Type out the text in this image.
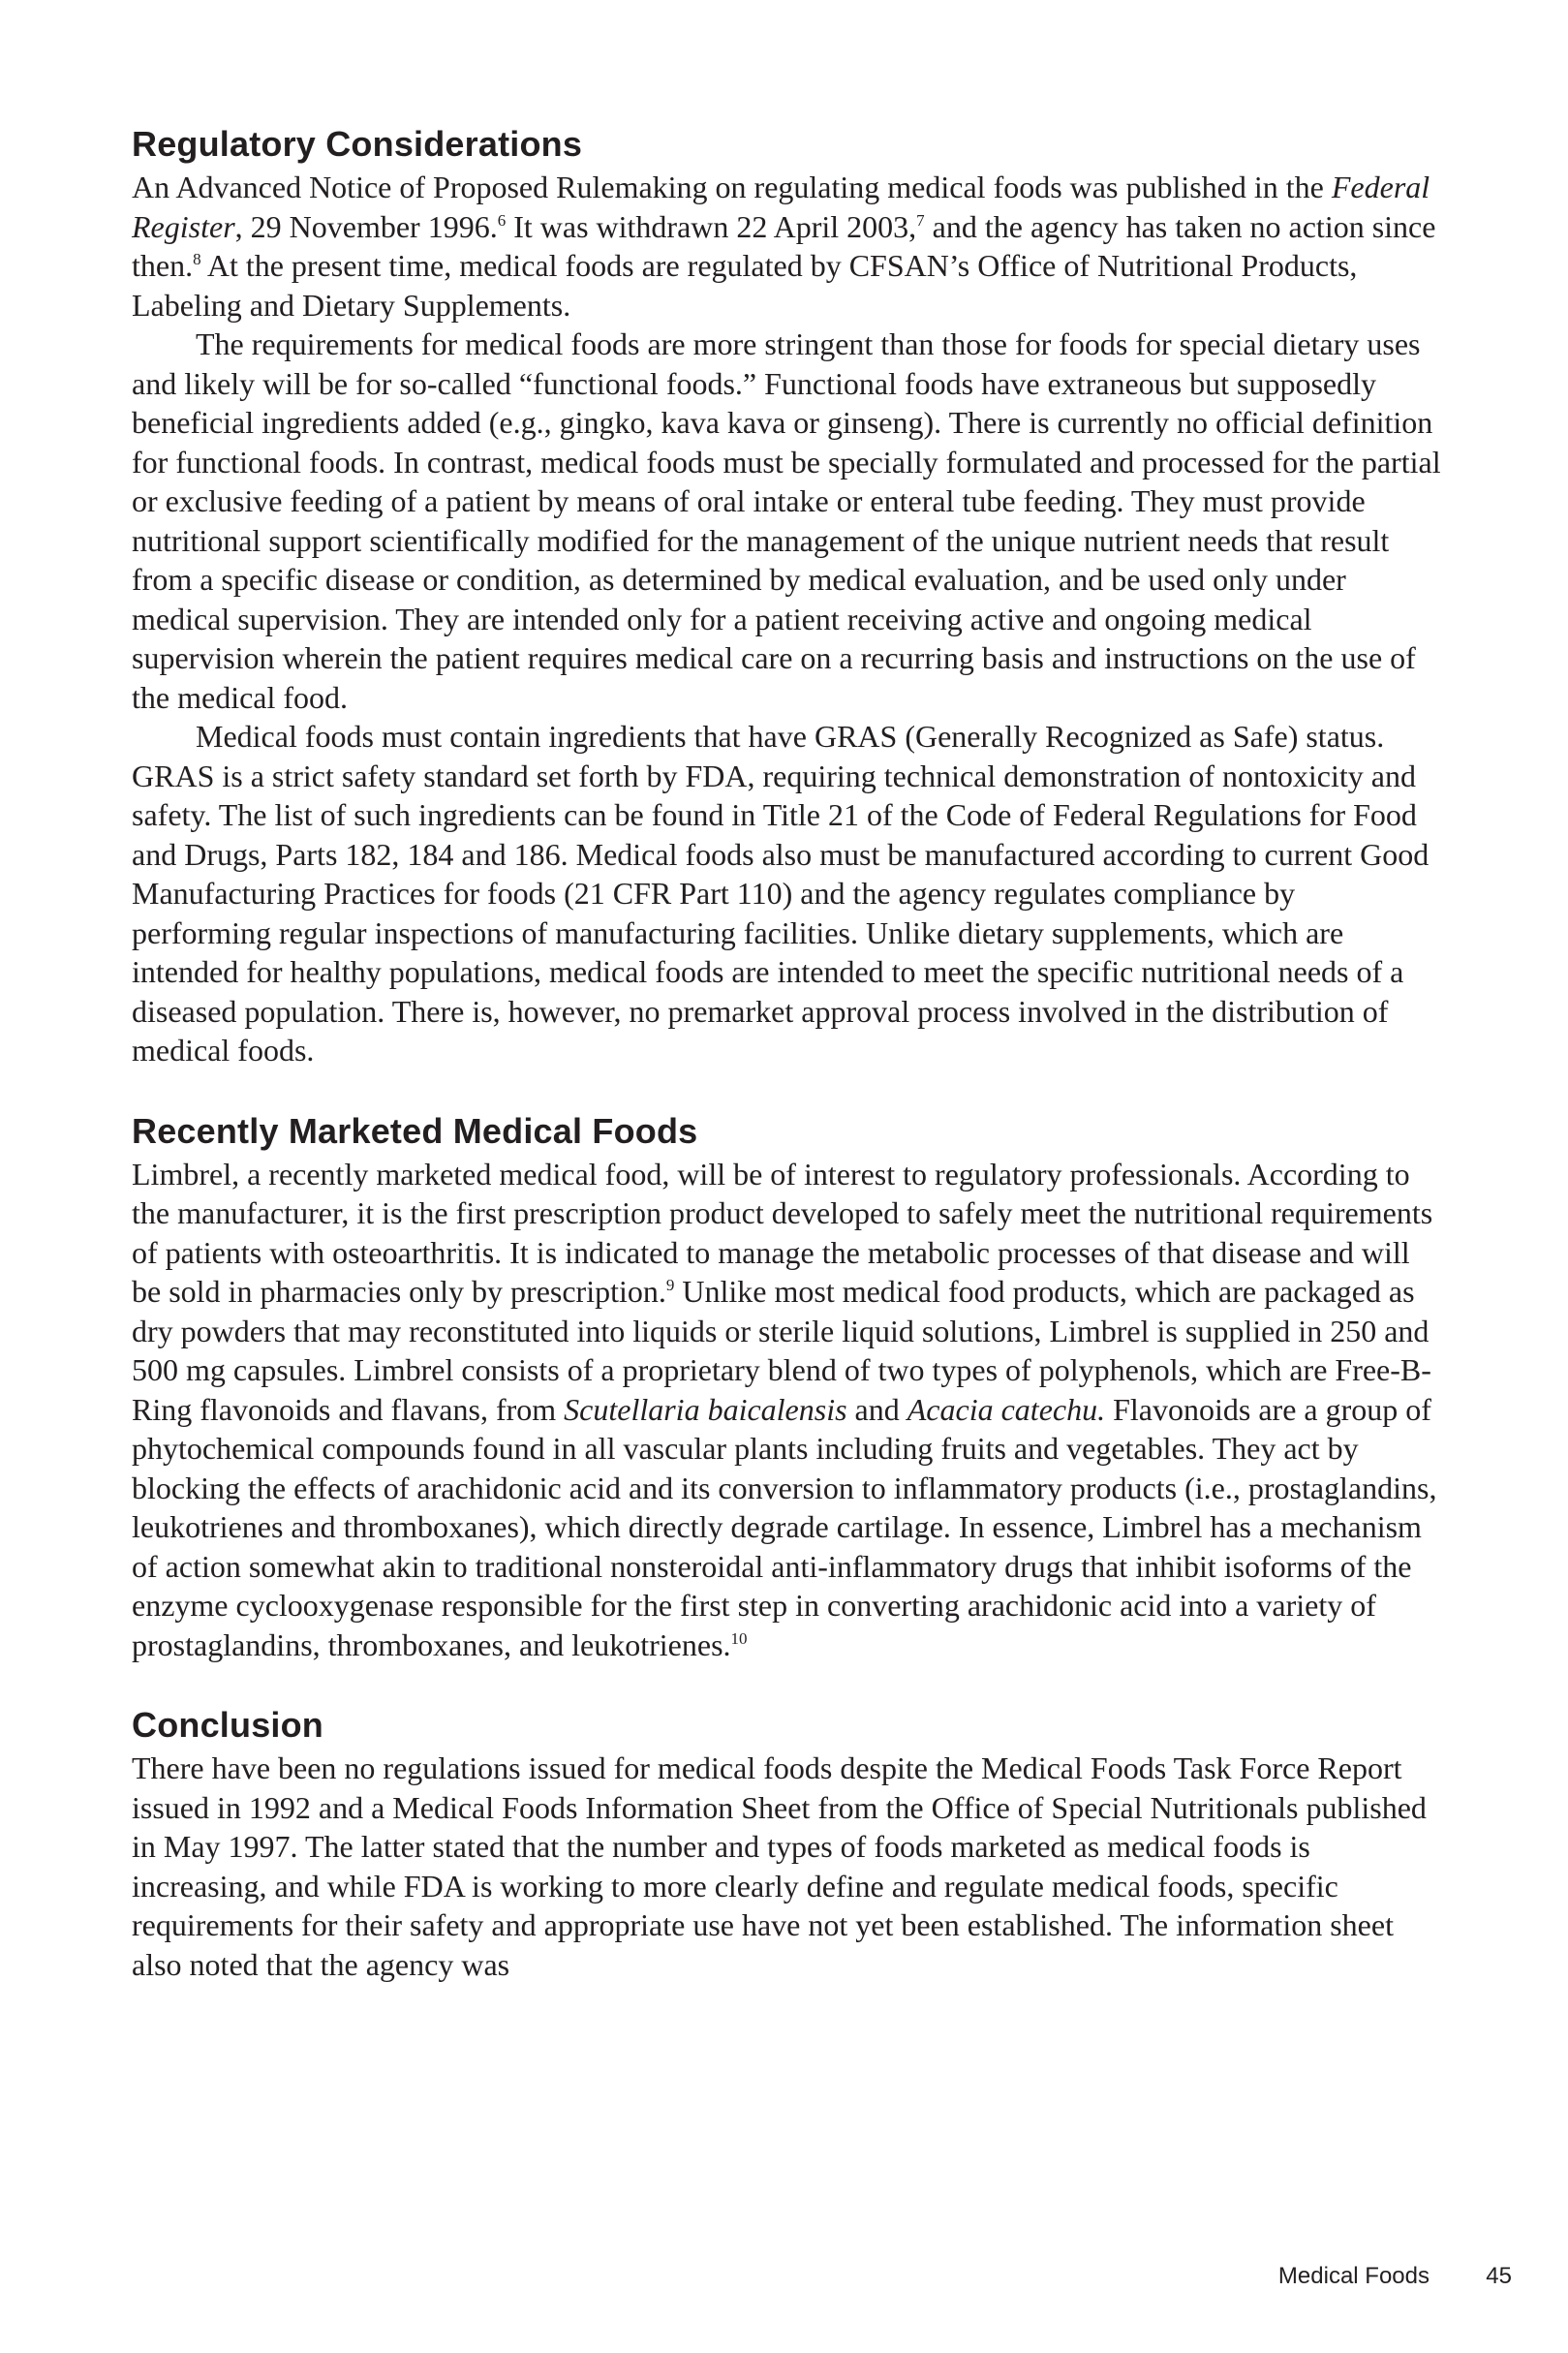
Regulatory Considerations

An Advanced Notice of Proposed Rulemaking on regulating medical foods was published in the Federal Register, 29 November 1996.$^6$ It was withdrawn 22 April 2003,$^7$ and the agency has taken no action since then.$^8$ At the present time, medical foods are regulated by CFSAN’s Office of Nutritional Products, Labeling and Dietary Supplements.

The requirements for medical foods are more stringent than those for foods for special dietary uses and likely will be for so-called “functional foods.” Functional foods have extraneous but supposedly beneficial ingredients added (e.g., gingko, kava kava or ginseng). There is currently no official definition for functional foods. In contrast, medical foods must be specially formulated and processed for the partial or exclusive feeding of a patient by means of oral intake or enteral tube feeding. They must provide nutritional support scientifically modified for the management of the unique nutrient needs that result from a specific disease or condition, as determined by medical evaluation, and be used only under medical supervision. They are intended only for a patient receiving active and ongoing medical supervision wherein the patient requires medical care on a recurring basis and instructions on the use of the medical food.

Medical foods must contain ingredients that have GRAS (Generally Recognized as Safe) status. GRAS is a strict safety standard set forth by FDA, requiring technical demonstration of nontoxicity and safety. The list of such ingredients can be found in Title 21 of the Code of Federal Regulations for Food and Drugs, Parts 182, 184 and 186. Medical foods also must be manufactured according to current Good Manufacturing Practices for foods (21 CFR Part 110) and the agency regulates compliance by performing regular inspections of manufacturing facilities. Unlike dietary supplements, which are intended for healthy populations, medical foods are intended to meet the specific nutritional needs of a diseased population. There is, however, no premarket approval process involved in the distribution of medical foods.

Recently Marketed Medical Foods

Limbrel, a recently marketed medical food, will be of interest to regulatory professionals. According to the manufacturer, it is the first prescription product developed to safely meet the nutritional requirements of patients with osteoarthritis. It is indicated to manage the metabolic processes of that disease and will be sold in pharmacies only by prescription.$^9$ Unlike most medical food products, which are packaged as dry powders that may reconstituted into liquids or sterile liquid solutions, Limbrel is supplied in 250 and 500 mg capsules. Limbrel consists of a proprietary blend of two types of polyphenols, which are Free-B-Ring flavonoids and flavans, from Scutellaria baicalensis and Acacia catechu. Flavonoids are a group of phytochemical compounds found in all vascular plants including fruits and vegetables. They act by blocking the effects of arachidonic acid and its conversion to inflammatory products (i.e., prostaglandins, leukotrienes and thromboxanes), which directly degrade cartilage. In essence, Limbrel has a mechanism of action somewhat akin to traditional nonsteroidal anti-inflammatory drugs that inhibit isoforms of the enzyme cyclooxygenase responsible for the first step in converting arachidonic acid into a variety of prostaglandins, thromboxanes, and leukotrienes.$^{10}$

Conclusion

There have been no regulations issued for medical foods despite the Medical Foods Task Force Report issued in 1992 and a Medical Foods Information Sheet from the Office of Special Nutritionals published in May 1997. The latter stated that the number and types of foods marketed as medical foods is increasing, and while FDA is working to more clearly define and regulate medical foods, specific requirements for their safety and appropriate use have not yet been established. The information sheet also noted that the agency was

Medical Foods 45
